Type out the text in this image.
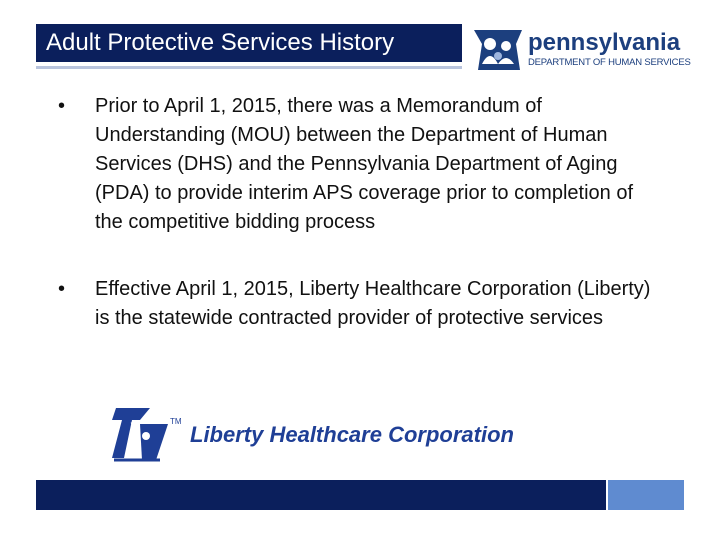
Adult Protective Services History	pennsylvania
DEPARTMENT OF HUMAN SERVICES
• Prior to April 1, 2015, there was a Memorandum of Understanding (MOU) between the Department of Human Services (DHS) and the Pennsylvania Department of Aging (PDA) to provide interim APS coverage prior to completion of the competitive bidding process
• Effective April 1, 2015, Liberty Healthcare Corporation (Liberty) is the statewide contracted provider of protective services
TM
Liberty Healthcare Corporation
